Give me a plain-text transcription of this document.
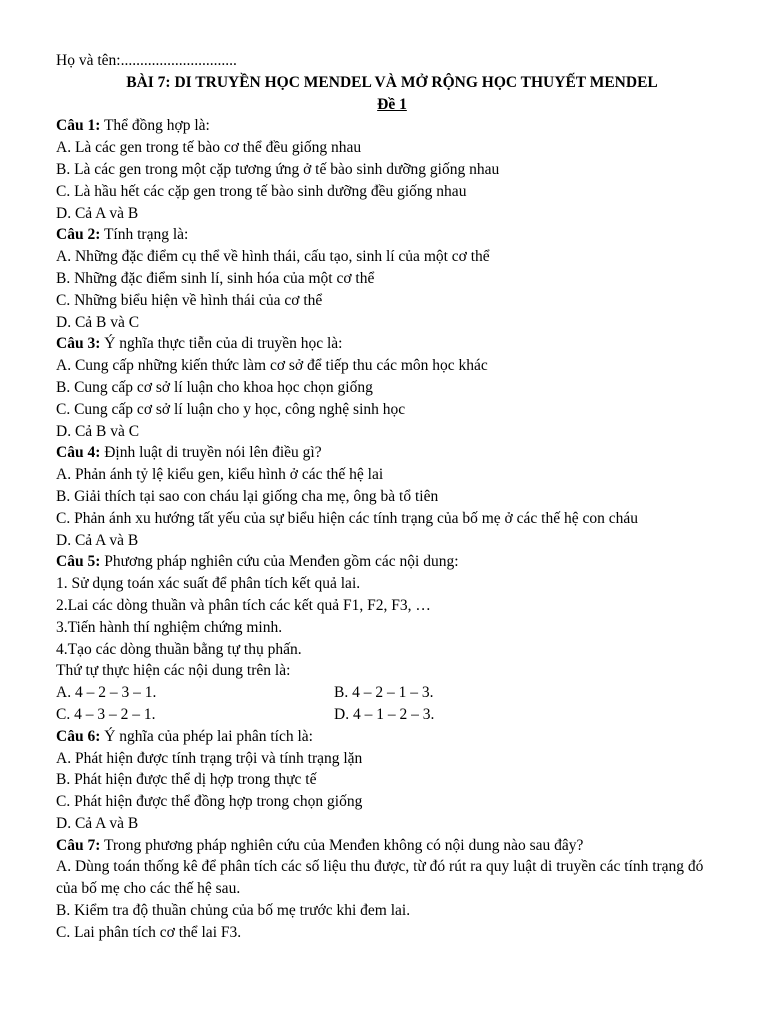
Họ và tên:..............................
BÀI 7: DI TRUYỀN HỌC MENDEL VÀ MỞ RỘNG HỌC THUYẾT MENDEL
Đề 1
Câu 1: Thể đồng hợp là:
A. Là các gen trong tế bào cơ thể đều giống nhau
B. Là các gen trong một cặp tương ứng ở tế bào sinh dưỡng giống nhau
C. Là hầu hết các cặp gen trong tế bào sinh dưỡng đều giống nhau
D. Cả A và B
Câu 2: Tính trạng là:
A. Những đặc điểm cụ thể về hình thái, cấu tạo, sinh lí của một cơ thể
B. Những đặc điểm sinh lí, sinh hóa của một cơ thể
C. Những biểu hiện về hình thái của cơ thể
D. Cả B và C
Câu 3: Ý nghĩa thực tiễn của di truyền học là:
A. Cung cấp những kiến thức làm cơ sở để tiếp thu các môn học khác
B. Cung cấp cơ sở lí luận cho khoa học chọn giống
C. Cung cấp cơ sở lí luận cho y học, công nghệ sinh học
D. Cả B và C
Câu 4: Định luật di truyền nói lên điều gì?
A. Phản ánh tỷ lệ kiểu gen, kiểu hình ở các thế hệ lai
B. Giải thích tại sao con cháu lại giống cha mẹ, ông bà tổ tiên
C. Phản ánh xu hướng tất yếu của sự biểu hiện các tính trạng của bố mẹ ở các thế hệ con cháu
D. Cả A và B
Câu 5: Phương pháp nghiên cứu của Menđen gồm các nội dung:
1. Sử dụng toán xác suất để phân tích kết quả lai.
2.Lai các dòng thuần và phân tích các kết quả F1, F2, F3, …
3.Tiến hành thí nghiệm chứng minh.
4.Tạo các dòng thuần bằng tự thụ phấn.
Thứ tự thực hiện các nội dung trên là:
A. 4 – 2 – 3 – 1.	B. 4 – 2 – 1 – 3.
C. 4 – 3 – 2 – 1.	D. 4 – 1 – 2 – 3.
Câu 6: Ý nghĩa của phép lai phân tích là:
A. Phát hiện được tính trạng trội và tính trạng lặn
B. Phát hiện được thể dị hợp trong thực tế
C. Phát hiện được thể đồng hợp trong chọn giống
D. Cả A và B
Câu 7: Trong phương pháp nghiên cứu của Menđen không có nội dung nào sau đây?
A. Dùng toán thống kê để phân tích các số liệu thu được, từ đó rút ra quy luật di truyền các tính trạng đó của bố mẹ cho các thế hệ sau.
B. Kiểm tra độ thuần chủng của bố mẹ trước khi đem lai.
C. Lai phân tích cơ thể lai F3.
